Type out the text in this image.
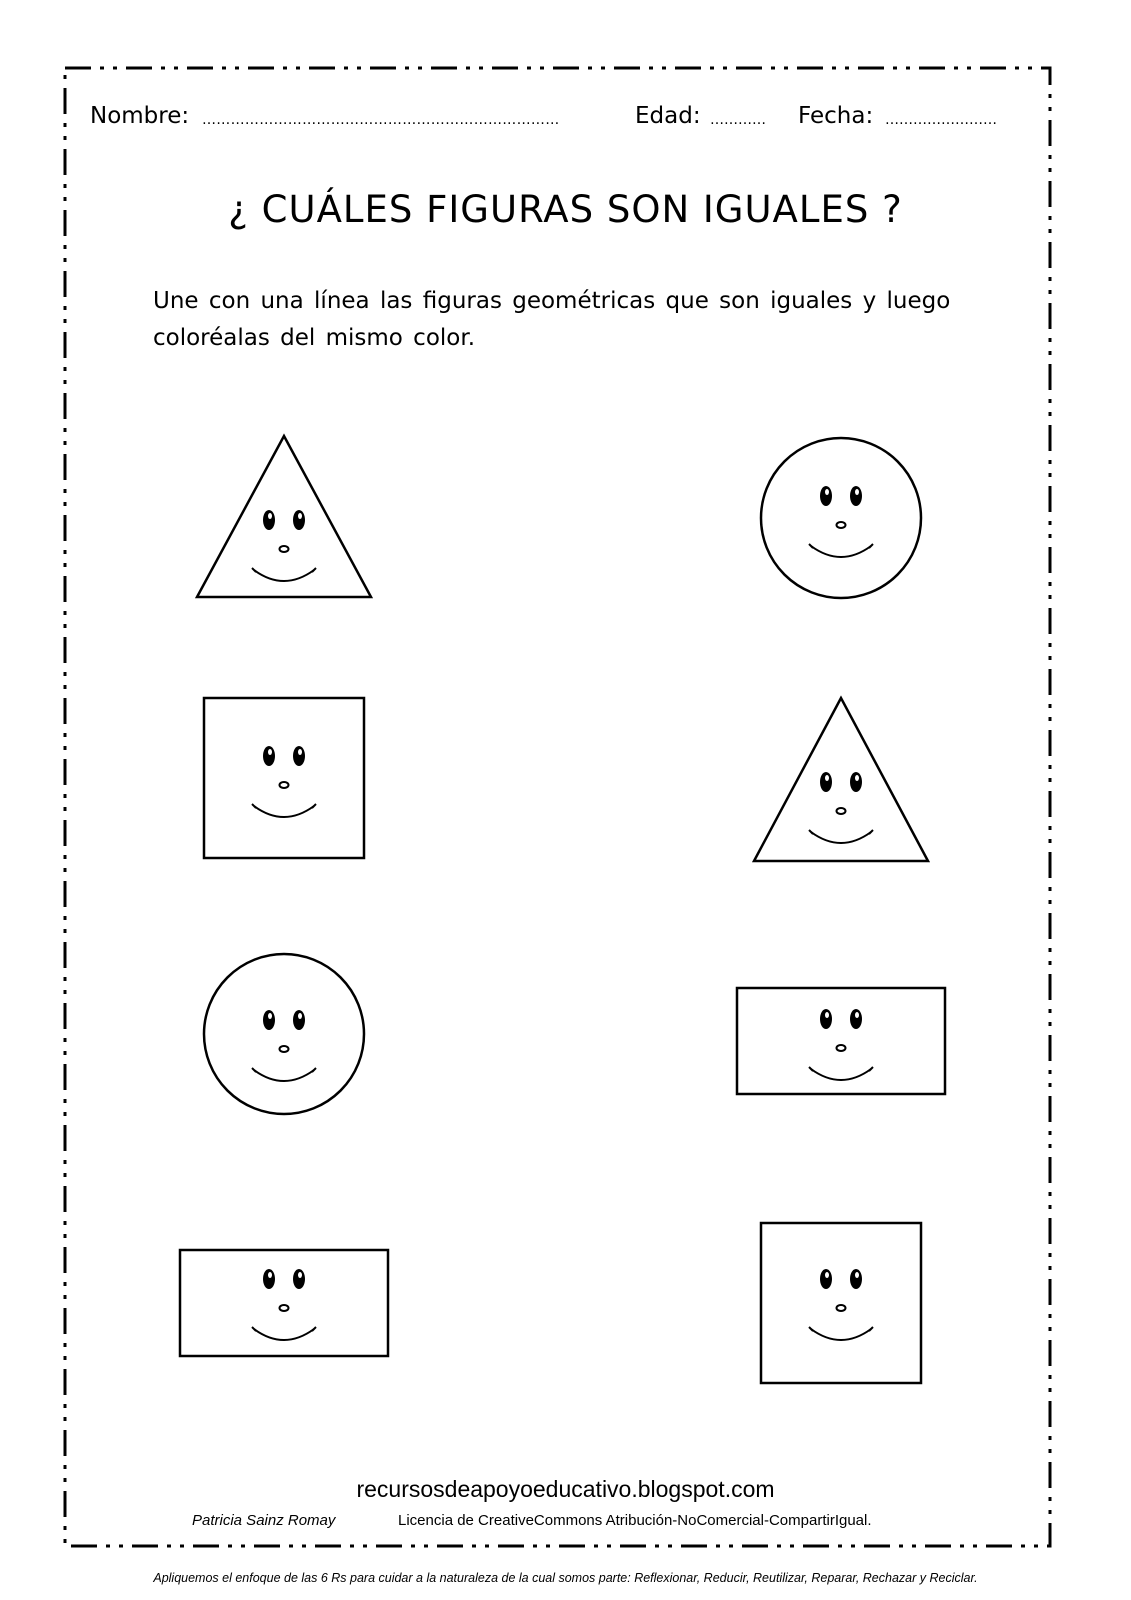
Nombre: …………………………………………………………………	Edad: ………… Fecha: ……………………
¿ CUÁLES FIGURAS SON IGUALES ?
Une con una línea las figuras geométricas que son iguales y luego coloréalas del mismo color.
recursosdeapoyoeducativo.blogspot.com
Patricia Sainz Romay	Licencia de CreativeCommons Atribución-NoComercial-CompartirIgual.
Apliquemos el enfoque de las 6 Rs para cuidar a la naturaleza de la cual somos parte: Reflexionar, Reducir, Reutilizar, Reparar, Rechazar y Reciclar.
